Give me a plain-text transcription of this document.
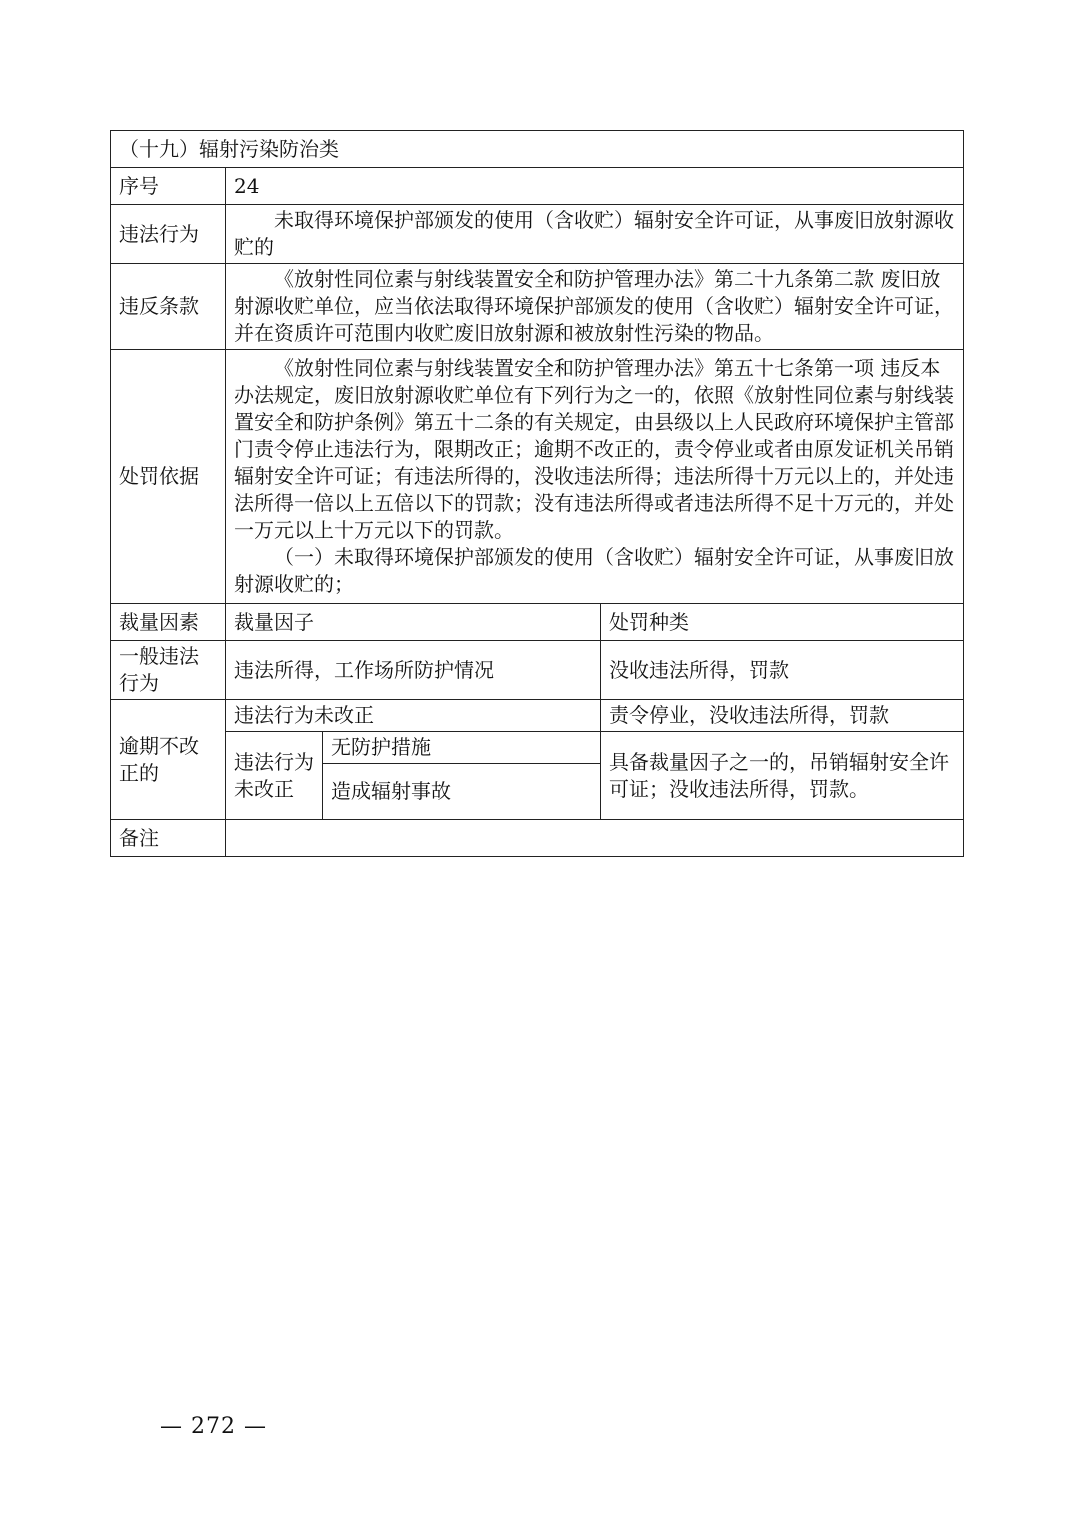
（十九）辐射污染防治类			
序号	24		
违法行为	未取得环境保护部颁发的使用（含收贮）辐射安全许可证，从事废旧放射源收贮的		

违反条款	《放射性同位素与射线装置安全和防护管理办法》第二十九条第二款 废旧放射源收贮单位，应当依法取得环境保护部颁发的使用（含收贮）辐射安全许可证，并在资质许可范围内收贮废旧放射源和被放射性污染的物品。		

处罚依据	《放射性同位素与射线装置安全和防护管理办法》第五十七条第一项 违反本办法规定，废旧放射源收贮单位有下列行为之一的，依照《放射性同位素与射线装置安全和防护条例》第五十二条的有关规定，由县级以上人民政府环境保护主管部门责令停止违法行为，限期改正；逾期不改正的，责令停业或者由原发证机关吊销辐射安全许可证；有违法所得的，没收违法所得；违法所得十万元以上的，并处违法所得一倍以上五倍以下的罚款；没有违法所得或者违法所得不足十万元的，并处一万元以上十万元以下的罚款。

（一）未取得环境保护部颁发的使用（含收贮）辐射安全许可证，从事废旧放射源收贮的；		

裁量因素	裁量因子		处罚种类
一般违法行为	违法所得，工作场所防护情况		没收违法所得，罚款
逾期不改正的	违法行为未改正		责令停业，没收违法所得，罚款
	违法行为未改正	无防护措施	具备裁量因子之一的，吊销辐射安全许可证；没收违法所得，罚款。
		造成辐射事故	
备注			
— 272 —
